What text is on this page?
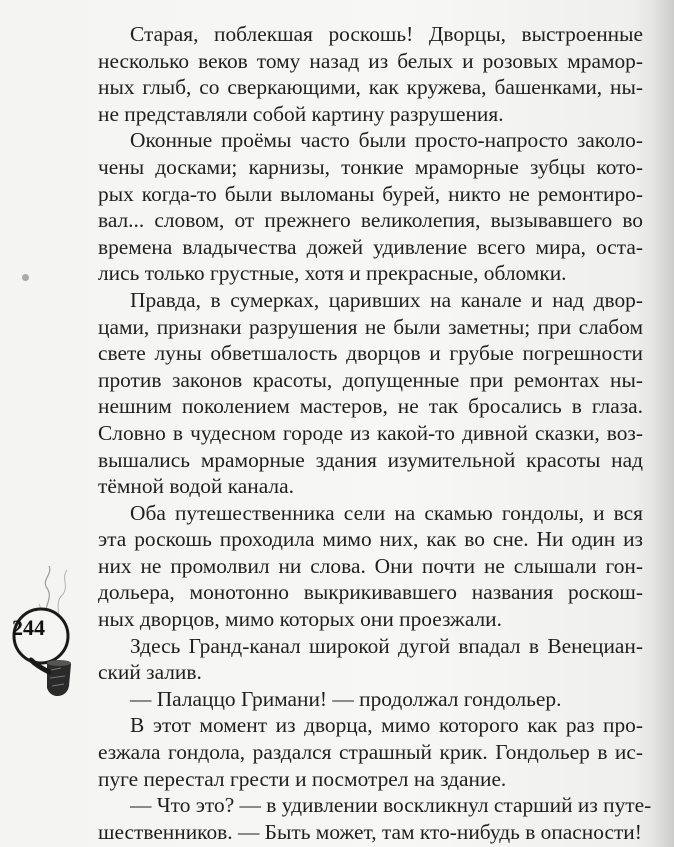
Старая, поблекшая роскошь! Дворцы, выстроенные
несколько веков тому назад из белых и розовых мрамор-
ных глыб, со сверкающими, как кружева, башенками, ны-
не представляли собой картину разрушения.

Оконные проёмы часто были просто-напросто заколо-
чены досками; карнизы, тонкие мраморные зубцы кото-
рых когда-то были выломаны бурей, никто не ремонтиро-
вал... словом, от прежнего великолепия, вызывавшего во
времена владычества дожей удивление всего мира, оста-
лись только грустные, хотя и прекрасные, обломки.

Правда, в сумерках, царивших на канале и над двор-
цами, признаки разрушения не были заметны; при слабом
свете луны обветшалость дворцов и грубые погрешности
против законов красоты, допущенные при ремонтах ны-
нешним поколением мастеров, не так бросались в глаза.
Словно в чудесном городе из какой-то дивной сказки, воз-
вышались мраморные здания изумительной красоты над
тёмной водой канала.

Оба путешественника сели на скамью гондолы, и вся
эта роскошь проходила мимо них, как во сне. Ни один из
них не промолвил ни слова. Они почти не слышали гон-
дольера, монотонно выкрикивавшего названия роскош-
ных дворцов, мимо которых они проезжали.

Здесь Гранд-канал широкой дугой впадал в Венециан-
ский залив.

— Палаццо Гримани! — продолжал гондольер.

В этот момент из дворца, мимо которого как раз про-
езжала гондола, раздался страшный крик. Гондольер в ис-
пуге перестал грести и посмотрел на здание.

— Что это? — в удивлении воскликнул старший из путе-
шественников. — Быть может, там кто-нибудь в опасности!

244
